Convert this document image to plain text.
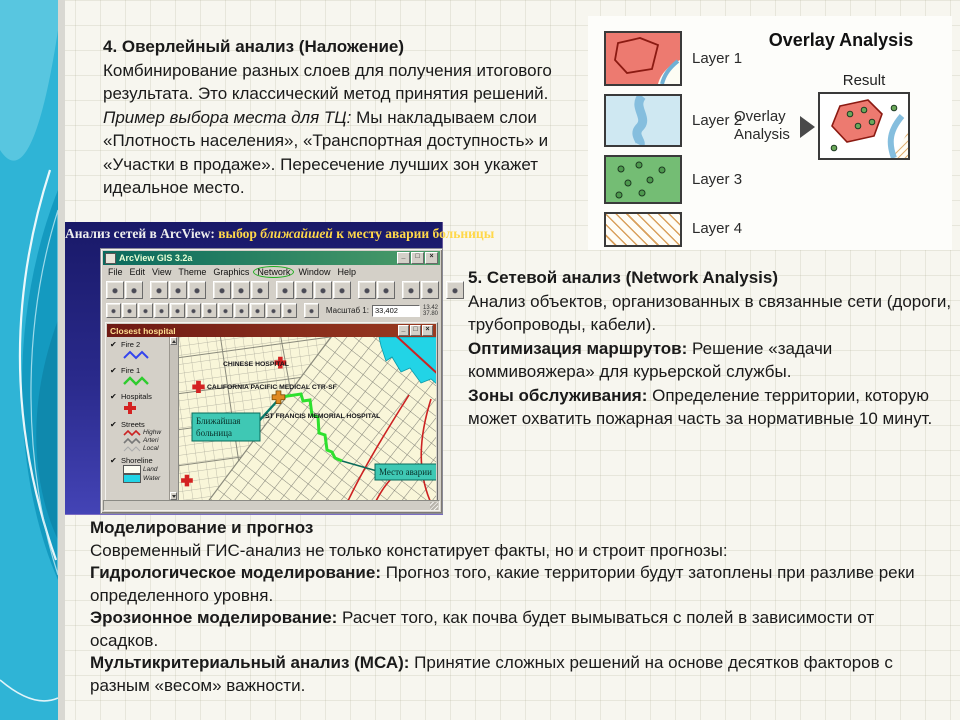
4. Оверлейный анализ (Наложение)

Комбинирование разных слоев для получения итогового результата. Это классический метод принятия решений.

Пример выбора места для ТЦ: Мы накладываем слои «Плотность населения», «Транспортная доступность» и «Участки в продаже». Пересечение лучших зон укажет идеальное место.

Overlay Analysis
Layer 1
Layer 2
Layer 3
Layer 4
Result
Overlay
Analysis
Анализ сетей в ArcView: выбор ближайшей к месту аварии больницы
ArcView GIS 3.2a
_
□
×
File Edit View Theme Graphics Network Window Help
Масштаб 1: 33,402	13.42
37.80
Closest hospital
_
□
×
✔
Fire 2
✔
Fire 1
✔
Hospitals
✔
Streets
Highw
Arteri
Local
✔
Shoreline
Land
Water
CHINESE HOSPITAL
CALIFORNIA PACIFIC MEDICAL CTR-SF
ST FRANCIS MEMORIAL HOSPITAL
Ближайшая
больница
Место аварии

5. Сетевой анализ (Network Analysis)

Анализ объектов, организованных в связанные сети (дороги, трубопроводы, кабели).

Оптимизация маршрутов: Решение «задачи коммивояжера» для курьерской службы.

Зоны обслуживания: Определение территории, которую может охватить пожарная часть за нормативные 10 минут.

Моделирование и прогноз

Современный ГИС-анализ не только констатирует факты, но и строит прогнозы:

Гидрологическое моделирование: Прогноз того, какие территории будут затоплены при разливе реки определенного уровня.

Эрозионное моделирование: Расчет того, как почва будет вымываться с полей в зависимости от осадков.

Мультикритериальный анализ (МСА): Принятие сложных решений на основе десятков факторов с разным «весом» важности.
